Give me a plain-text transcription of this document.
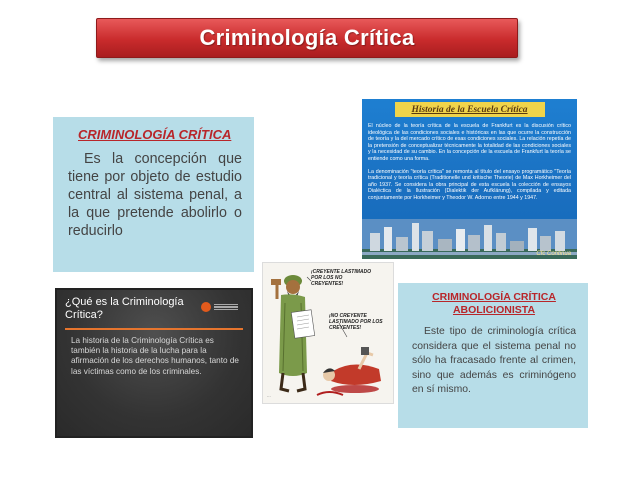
Criminología Crítica
CRIMINOLOGÍA CRÍTICA
Es la concepción que tiene por objeto de estudio central al sistema penal, a la que pretende abolirlo o reducirlo
Historia de la Escuela Crítica
El núcleo de la teoría crítica de la escuela de Frankfurt es la discusión crítico ideológica de las condiciones sociales e históricas en las que ocurre la construcción de teoría y la del mercado crítico de esas condiciones sociales. La relación repetía de la pretensión de conceptualizar técnicamente la totalidad de las condiciones sociales y la necesidad de su cambio. En la concepción de la escuela de Frankfurt la teoría se entiende como una forma.
La denominación "teoría crítica" se remonta al título del ensayo programático "Teoría tradicional y teoría crítica (Traditionelle und kritische Theorie) de Max Horkheimer del año 1937. Se considera la obra principal de esta escuela la colección de ensayos Dialéctica de la Ilustración (Dialektik der Aufklärung), compilada y editada conjuntamente por Horkheimer y Theodor W. Adorno entre 1944 y 1947.
Cfc Continua
...
¡CREYENTE LASTIMADO POR LOS NO CREYENTES!
¡NO CREYENTE LASTIMADO POR LOS CREYENTES!
¿Qué es la Criminología Crítica?
La historia de la Criminología Crítica es también la historia de la lucha para la afirmación de los derechos humanos, tanto de las víctimas como de los criminales.
CRIMINOLOGÍA CRÍTICA
ABOLICIONISTA
Este tipo de criminología crítica considera que el sistema penal no sólo ha fracasado frente al crimen, sino que además es criminógeno en sí mismo.
